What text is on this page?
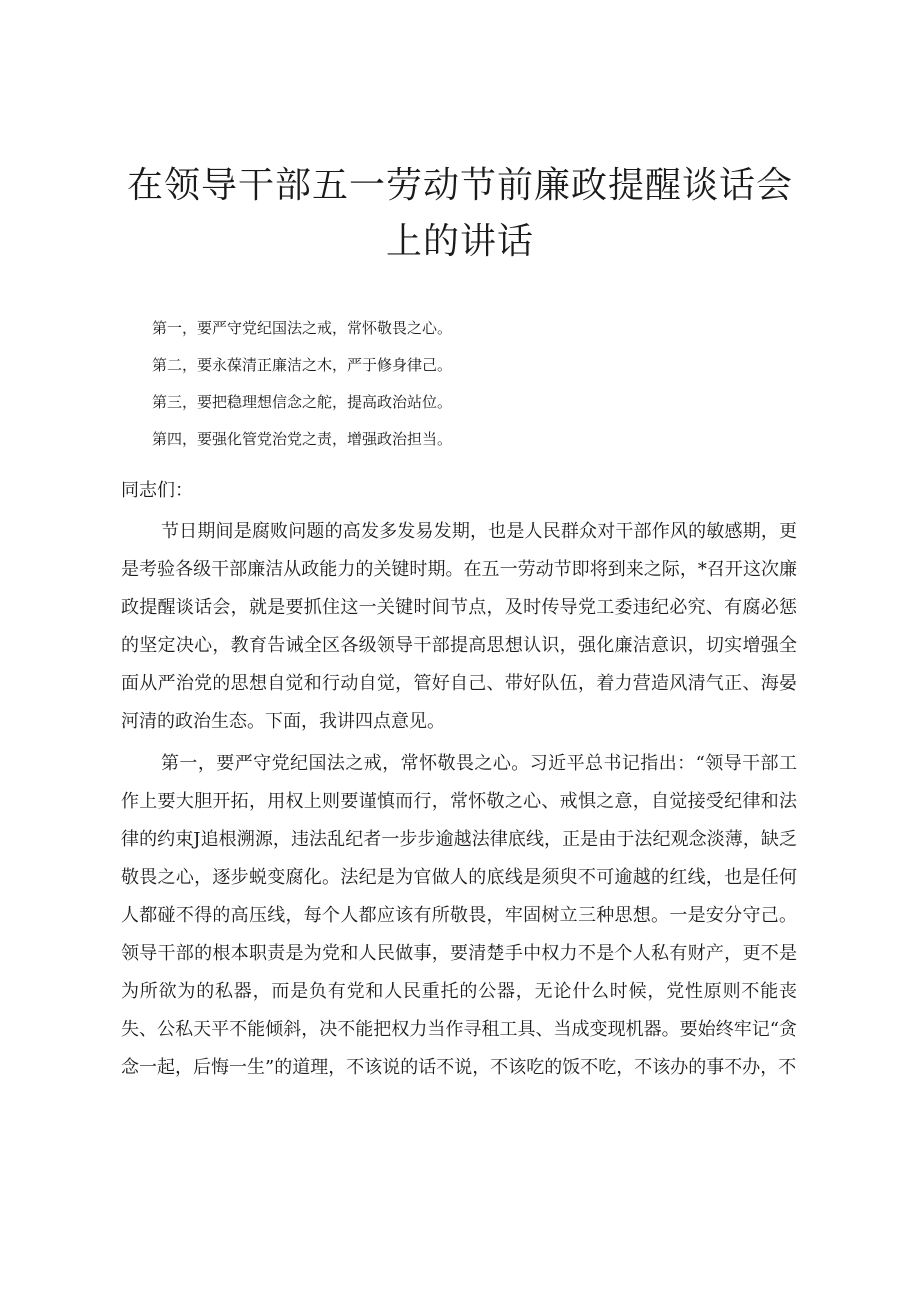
在领导干部五一劳动节前廉政提醒谈话会上的讲话
第一，要严守党纪国法之戒，常怀敬畏之心。
第二，要永葆清正廉洁之木，严于修身律己。
第三，要把稳理想信念之舵，提高政治站位。
第四，要强化管党治党之责，增强政治担当。

同志们：

节日期间是腐败问题的高发多发易发期，也是人民群众对干部作风的敏感期，更是考验各级干部廉洁从政能力的关键时期。在五一劳动节即将到来之际，*召开这次廉政提醒谈话会，就是要抓住这一关键时间节点，及时传导党工委违纪必究、有腐必惩的坚定决心，教育告诫全区各级领导干部提高思想认识，强化廉洁意识，切实增强全面从严治党的思想自觉和行动自觉，管好自己、带好队伍，着力营造风清气正、海晏河清的政治生态。下面，我讲四点意见。

第一，要严守党纪国法之戒，常怀敬畏之心。习近平总书记指出：“领导干部工作上要大胆开拓，用权上则要谨慎而行，常怀敬之心、戒惧之意，自觉接受纪律和法律的约束J追根溯源，违法乱纪者一步步逾越法律底线，正是由于法纪观念淡薄，缺乏敬畏之心，逐步蜕变腐化。法纪是为官做人的底线是须臾不可逾越的红线，也是任何人都碰不得的高压线，每个人都应该有所敬畏，牢固树立三种思想。一是安分守己。领导干部的根本职责是为党和人民做事，要清楚手中权力不是个人私有财产，更不是为所欲为的私器，而是负有党和人民重托的公器，无论什么时候，党性原则不能丧失、公私天平不能倾斜，决不能把权力当作寻租工具、当成变现机器。要始终牢记“贪念一起，后悔一生”的道理，不该说的话不说，不该吃的饭不吃，不该办的事不办，不
